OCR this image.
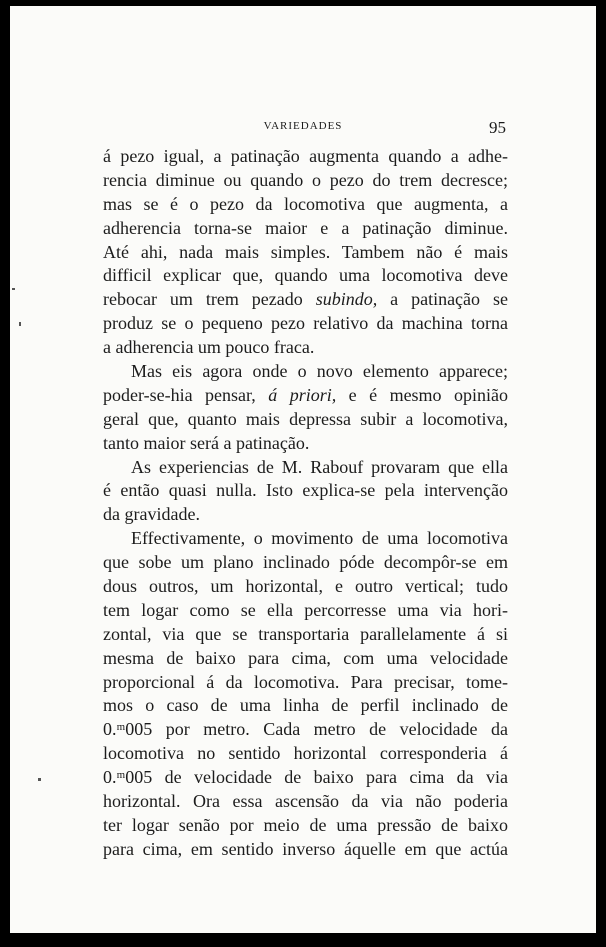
VARIEDADES	95
á pezo igual, a patinação augmenta quando a adhe-
rencia diminue ou quando o pezo do trem decresce;
mas se é o pezo da locomotiva que augmenta, a
adherencia torna-se maior e a patinação diminue.
Até ahi, nada mais simples. Tambem não é mais
difficil explicar que, quando uma locomotiva deve
rebocar um trem pezado subindo, a patinação se
produz se o pequeno pezo relativo da machina torna
a adherencia um pouco fraca.
Mas eis agora onde o novo elemento apparece;
poder-se-hia pensar, á priori, e é mesmo opinião
geral que, quanto mais depressa subir a locomotiva,
tanto maior será a patinação.
As experiencias de M. Rabouf provaram que ella
é então quasi nulla. Isto explica-se pela intervenção
da gravidade.
Effectivamente, o movimento de uma locomotiva
que sobe um plano inclinado póde decompôr-se em
dous outros, um horizontal, e outro vertical; tudo
tem logar como se ella percorresse uma via hori-
zontal, via que se transportaria parallelamente á si
mesma de baixo para cima, com uma velocidade
proporcional á da locomotiva. Para precisar, tome-
mos o caso de uma linha de perfil inclinado de
0.ᵐ005 por metro. Cada metro de velocidade da
locomotiva no sentido horizontal corresponderia á
0.ᵐ005 de velocidade de baixo para cima da via
horizontal. Ora essa ascensão da via não poderia
ter logar senão por meio de uma pressão de baixo
para cima, em sentido inverso áquelle em que actúa
